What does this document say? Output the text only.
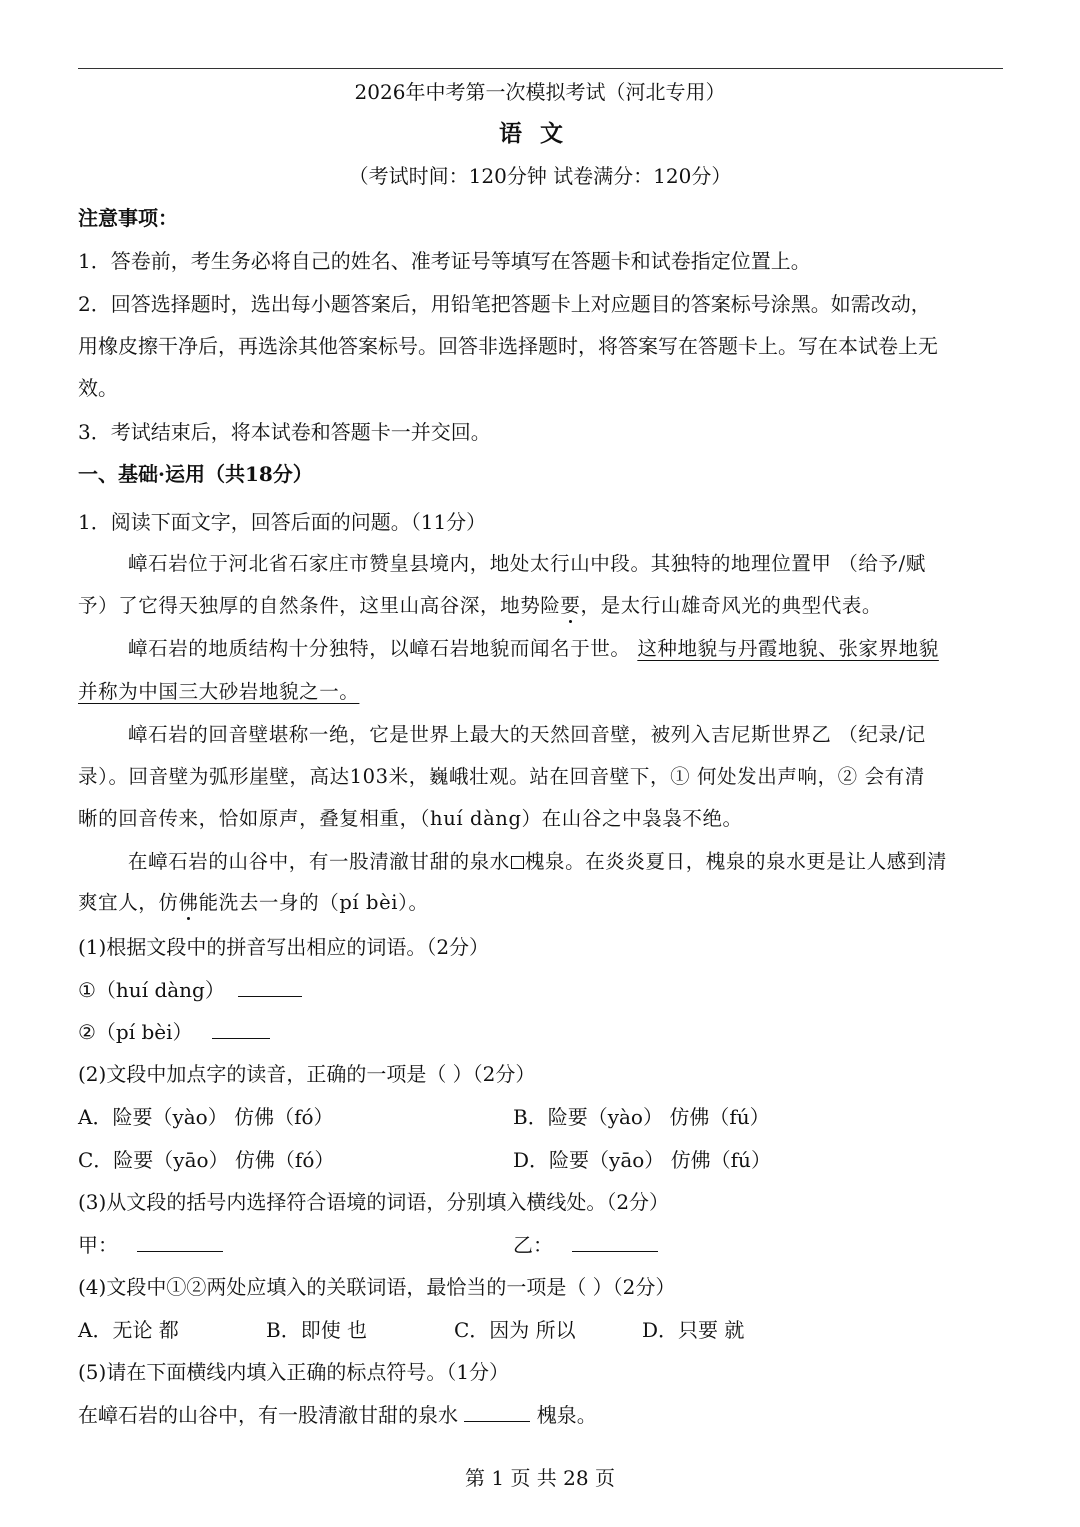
2026年中考第一次模拟考试（河北专用）
语文
（考试时间：120分钟 试卷满分：120分）
注意事项：
1．答卷前，考生务必将自己的姓名、准考证号等填写在答题卡和试卷指定位置上。
2．回答选择题时，选出每小题答案后，用铅笔把答题卡上对应题目的答案标号涂黑。如需改动，
用橡皮擦干净后，再选涂其他答案标号。回答非选择题时，将答案写在答题卡上。写在本试卷上无
效。
3．考试结束后，将本试卷和答题卡一并交回。
一、基础·运用（共18分）
1．阅读下面文字，回答后面的问题。（11分）
嶂石岩位于河北省石家庄市赞皇县境内，地处太行山中段。其独特的地理位置甲 （给予/赋
予）了它得天独厚的自然条件，这里山高谷深，地势险要，是太行山雄奇风光的典型代表。
嶂石岩的地质结构十分独特，以嶂石岩地貌而闻名于世。 这种地貌与丹霞地貌、张家界地貌
并称为中国三大砂岩地貌之一。
嶂石岩的回音壁堪称一绝，它是世界上最大的天然回音壁，被列入吉尼斯世界乙 （纪录/记
录）。回音壁为弧形崖壁，高达103米，巍峨壮观。站在回音壁下，① 何处发出声响，② 会有清
晰的回音传来，恰如原声，叠复相重，（huí dàng）在山谷之中袅袅不绝。
在嶂石岩的山谷中，有一股清澈甘甜的泉水 槐泉。在炎炎夏日，槐泉的泉水更是让人感到清
爽宜人，仿佛能洗去一身的（pí bèi）。
(1)根据文段中的拼音写出相应的词语。（2分）
①（huí dàng）
②（pí bèi）
(2)文段中加点字的读音，正确的一项是（ ）（2分）
A．险要（yào） 仿佛（fó）	B．险要（yào） 仿佛（fú）
C．险要（yāo） 仿佛（fó）	D．险要（yāo） 仿佛（fú）
(3)从文段的括号内选择符合语境的词语，分别填入横线处。（2分）
甲：	乙：
(4)文段中①②两处应填入的关联词语，最恰当的一项是（ ）（2分）
A．无论 都	B．即使 也	C．因为 所以	D．只要 就
(5)请在下面横线内填入正确的标点符号。（1分）
在嶂石岩的山谷中，有一股清澈甘甜的泉水	槐泉。
第 1 页 共 28 页
